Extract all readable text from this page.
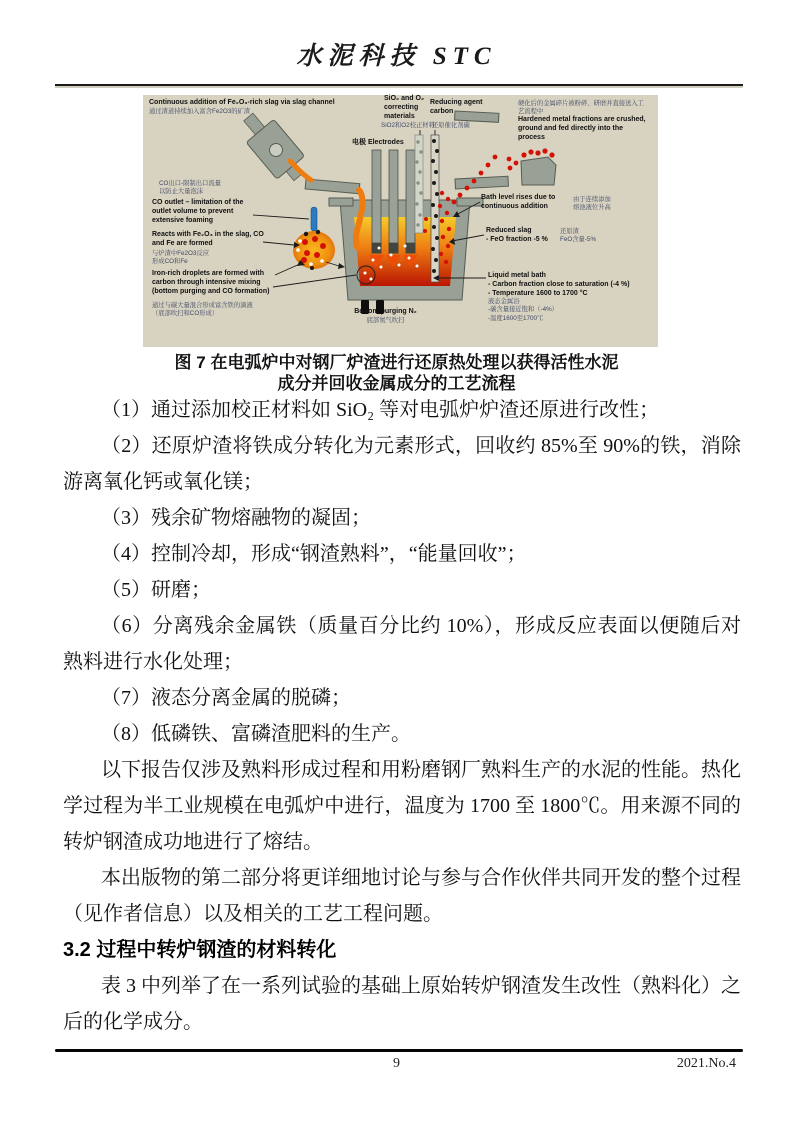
水泥科技 STC
Continuous addition of Fe₂O₃-rich slag via slag channel
通过渣道持续加入富含Fe2O3的矿渣
SiO₂ and O₂ correcting materials
SiO2和O2校正材料
Reducing agent carbon
还原催化剂碳
硬化后的金属碎片被粉碎、研磨并直接送入工艺流程中
Hardened metal fractions are crushed, ground and fed directly into the process
电极 Electrodes
CO出口-限制出口流量
以防止大量泡沫
CO outlet – limitation of the outlet volume to prevent extensive foaming
Reacts with Fe₂O₃ in the slag, CO and Fe are formed
与炉渣中Fe2O3反应
形成CO和Fe
Iron-rich droplets are formed with carbon through intensive mixing (bottom purging and CO formation)
通过与碳大量混合形成富含铁的滴液
（底部吹扫和CO形成）
Bath level rises due to continuous addition
由于连续添加
熔池液位升高
Reduced slag
- FeO fraction -5 %
还原渣
FeO含量-5%
Liquid metal bath
- Carbon fraction close to saturation (-4 %)
- Temperature 1600 to 1700 °C
液态金属浴
-碳含量接近饱和（-4%）
-温度1600至1700℃
Bottom purging N₂
底部氮气吹扫
图 7 在电弧炉中对钢厂炉渣进行还原热处理以获得活性水泥
成分并回收金属成分的工艺流程

（1）通过添加校正材料如 SiO₂ 等对电弧炉炉渣还原进行改性；

（2）还原炉渣将铁成分转化为元素形式，回收约 85%至 90%的铁，消除游离氧化钙或氧化镁；

（3）残余矿物熔融物的凝固；

（4）控制冷却，形成“钢渣熟料”，“能量回收”；

（5）研磨；

（6）分离残余金属铁（质量百分比约 10%），形成反应表面以便随后对熟料进行水化处理；

（7）液态分离金属的脱磷；

（8）低磷铁、富磷渣肥料的生产。

以下报告仅涉及熟料形成过程和用粉磨钢厂熟料生产的水泥的性能。热化学过程为半工业规模在电弧炉中进行，温度为 1700 至 1800℃。用来源不同的转炉钢渣成功地进行了熔结。

本出版物的第二部分将更详细地讨论与参与合作伙伴共同开发的整个过程（见作者信息）以及相关的工艺工程问题。

3.2 过程中转炉钢渣的材料转化

表 3 中列举了在一系列试验的基础上原始转炉钢渣发生改性（熟料化）之后的化学成分。

9	2021.No.4
